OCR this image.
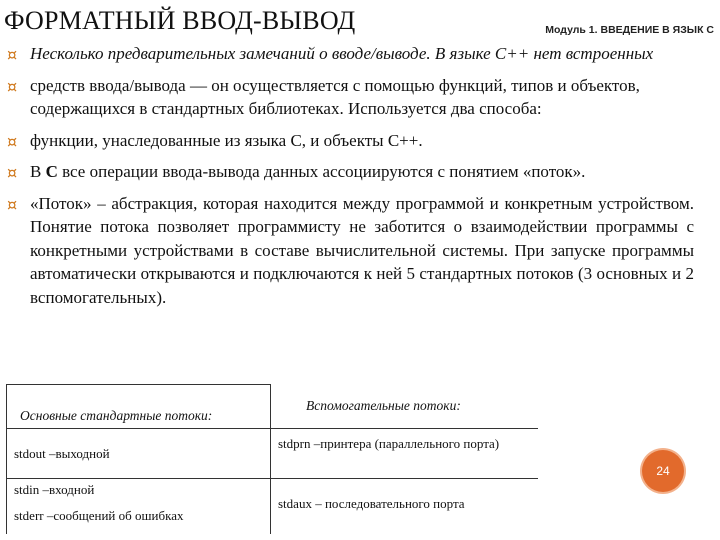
ФОРМАТНЫЙ ВВОД-ВЫВОД	Модуль 1. ВВЕДЕНИЕ В ЯЗЫК С
¤ Несколько предварительных замечаний о вводе/выводе. В языке С++ нет встроенных
¤ средств ввода/вывода — он осуществляется с помощью функций, типов и объектов, содержащихся в стандартных библиотеках. Используется два способа:
¤ функции, унаследованные из языка С, и объекты С++.
¤ В С все операции ввода-вывода данных ассоциируются с понятием «поток».
¤ «Поток» – абстракция, которая находится между программой и конкретным устройством. Понятие потока позволяет программисту не заботится о взаимодействии программы с конкретными устройствами в составе вычислительной системы. При запуске программы автоматически открываются и подключаются к ней 5 стандартных потоков (3 основных и 2 вспомогательных).
Основные стандартные потоки:
Вспомогательные потоки:
stdout –выходной
stdin –входной
stderr –сообщений об ошибках
stdprn –принтера (параллельного порта)
stdaux – последовательного порта
24
